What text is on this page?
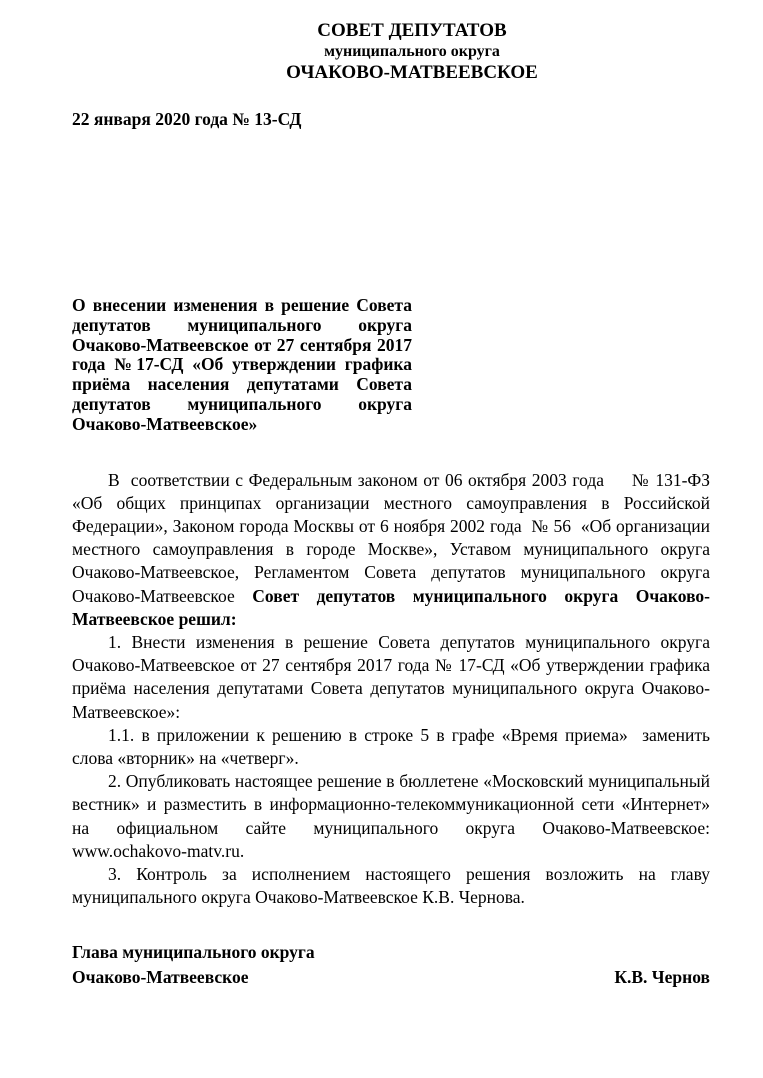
СОВЕТ ДЕПУТАТОВ
муниципального округа
ОЧАКОВО-МАТВЕЕВСКОЕ
22 января 2020 года № 13-СД
О внесении изменения в решение Совета депутатов муниципального округа Очаково-Матвеевское от 27 сентября 2017 года №17-СД «Об утверждении графика приёма населения депутатами Совета депутатов муниципального округа Очаково-Матвеевское»

В  соответствии с Федеральным законом от 06 октября 2003 года     № 131-ФЗ «Об общих принципах организации местного самоуправления в Российской Федерации», Законом города Москвы от 6 ноября 2002 года  № 56  «Об организации местного самоуправления в городе Москве», Уставом муниципального округа Очаково-Матвеевское, Регламентом Совета депутатов муниципального округа Очаково-Матвеевское Совет депутатов муниципального округа Очаково-Матвеевское решил:

1. Внести изменения в решение Совета депутатов муниципального округа Очаково-Матвеевское от 27 сентября 2017 года № 17-СД «Об утверждении графика приёма населения депутатами Совета депутатов муниципального округа Очаково-Матвеевское»:

1.1. в приложении к решению в строке 5 в графе «Время приема»  заменить слова «вторник» на «четверг».

2. Опубликовать настоящее решение в бюллетене «Московский муниципальный вестник» и разместить в информационно-телекоммуникационной сети «Интернет» на официальном сайте муниципального округа Очаково-Матвеевское: www.ochakovo-matv.ru.

3. Контроль за исполнением настоящего решения возложить на главу муниципального округа Очаково-Матвеевское К.В. Чернова.

Глава муниципального округа
Очаково-Матвеевское	К.В. Чернов
